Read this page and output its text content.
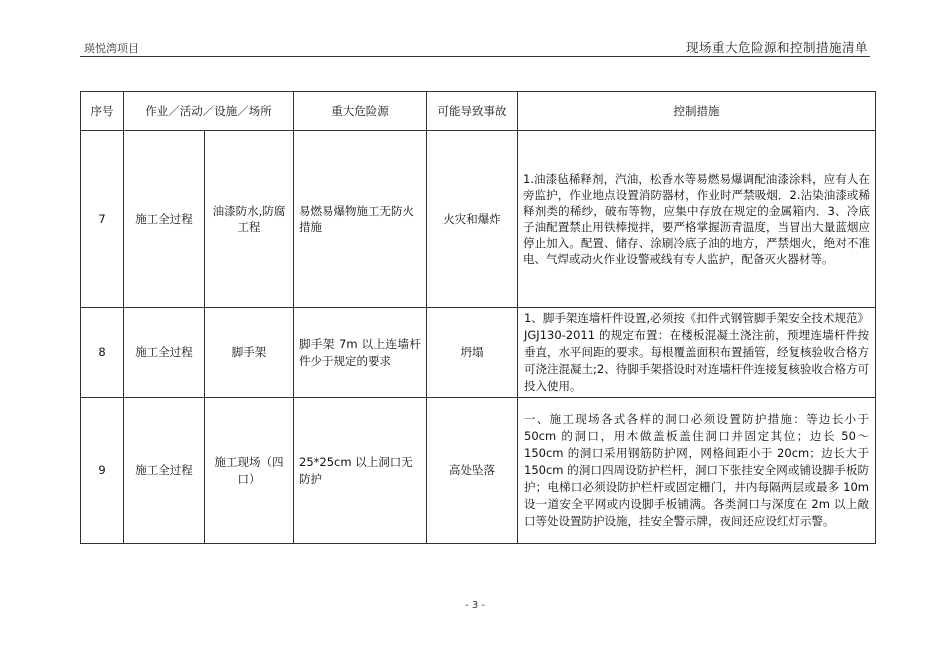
瑛悦湾项目	现场重大危险源和控制措施清单
序号	作业／活动／设施／场所		重大危险源	可能导致事故	控制措施
7	施工全过程	油漆防水,防腐工程	易燃易爆物施工无防火措施	火灾和爆炸	1.油漆毡稀释剂，汽油，松香水等易燃易爆调配油漆涂料，应有人在旁监护，作业地点设置消防器材，作业时严禁吸烟．2.沾染油漆或稀释剂类的稀纱，破布等物，应集中存放在规定的金属箱内．3、冷底子油配置禁止用铁棒搅拌，要严格掌握沥青温度，当冒出大量蓝烟应停止加入。配置、储存、涂刷冷底子油的地方，严禁烟火，绝对不准电、气焊或动火作业设警戒线有专人监护，配备灭火器材等。
8	施工全过程	脚手架	脚手架 7m 以上连墙杆件少于规定的要求	坍塌	1、脚手架连墙杆件设置,必须按《扣件式钢管脚手架安全技术规范》JGJ130-2011 的规定布置：在楼板混凝土浇注前，预埋连墙杆件按垂直，水平间距的要求。每根覆盖面积布置插管，经复核验收合格方可浇注混凝土;2、待脚手架搭设时对连墙杆件连接复核验收合格方可投入使用。
9	施工全过程	施工现场（四口）	25*25cm 以上洞口无防护	高处坠落	一、施工现场各式各样的洞口必须设置防护措施：等边长小于 50cm 的洞口，用木做盖板盖住洞口并固定其位；边长 50～150cm 的洞口采用钢筋防护网，网格间距小于 20cm；边长大于 150cm 的洞口四周设防护栏杆，洞口下张挂安全网或铺设脚手板防护；电梯口必须设防护栏杆或固定栅门，井内每隔两层或最多 10m 设一道安全平网或内设脚手板铺满。各类洞口与深度在 2m 以上敞口等处设置防护设施，挂安全警示牌，夜间还应设红灯示警。
- 3 -
